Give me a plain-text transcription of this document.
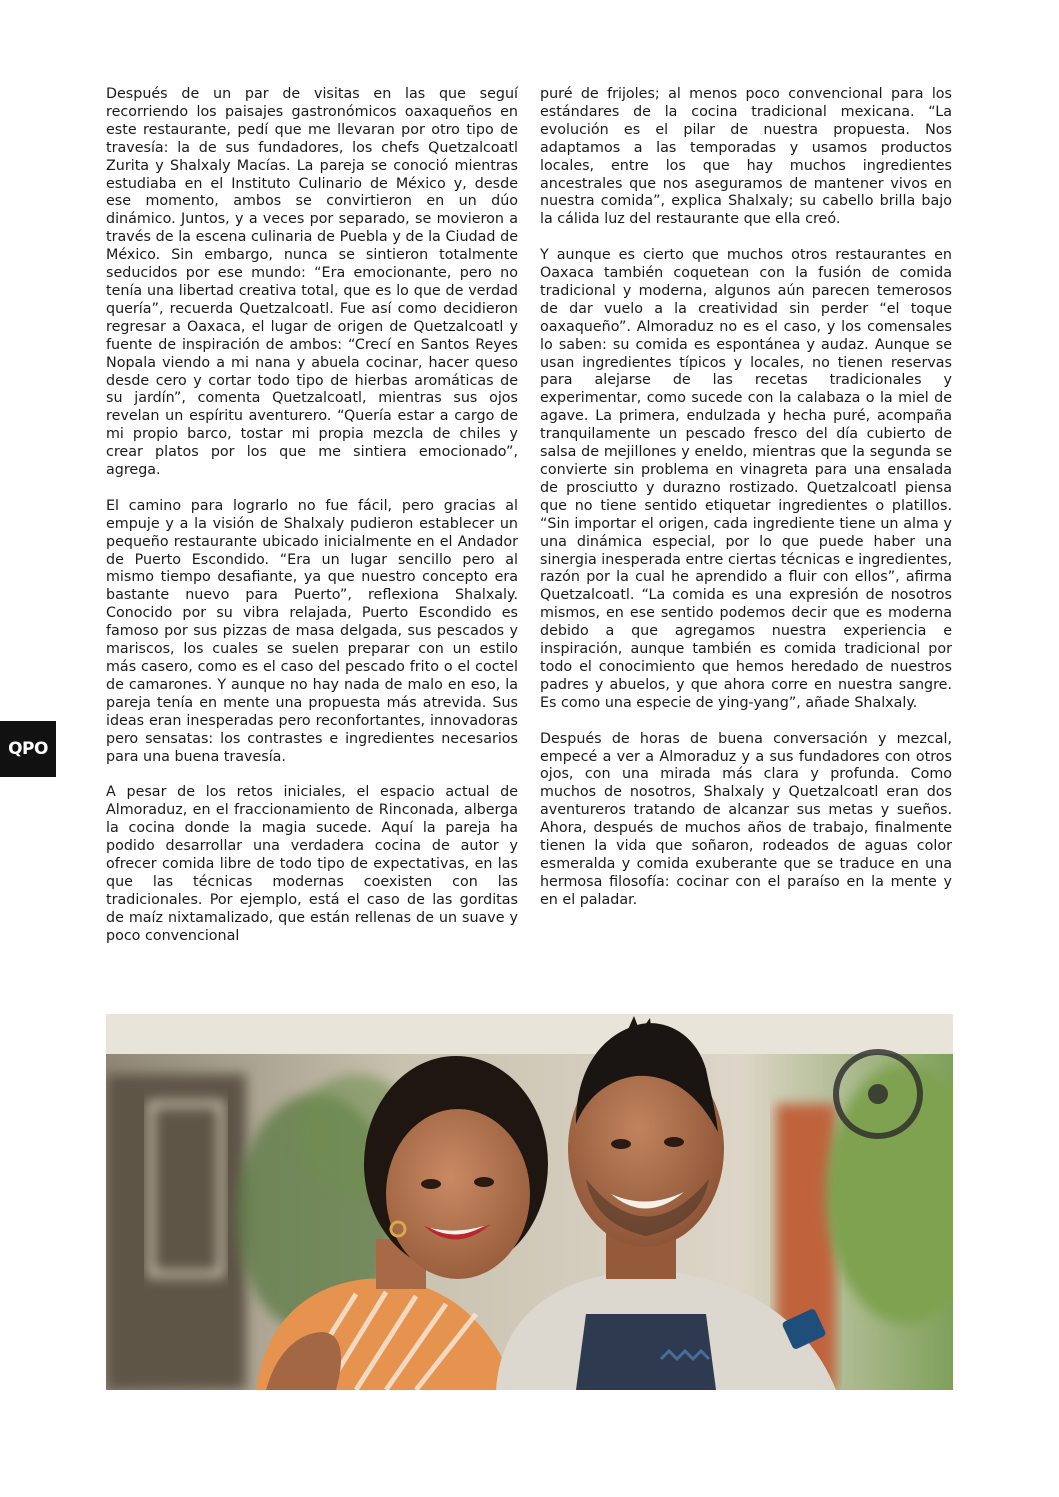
QPO

Después de un par de visitas en las que seguí recorriendo los paisajes gastronómicos oaxaqueños en este restaurante, pedí que me llevaran por otro tipo de travesía: la de sus fundadores, los chefs Quetzalcoatl Zurita y Shalxaly Macías. La pareja se conoció mientras estudiaba en el Instituto Culinario de México y, desde ese momento, ambos se convirtieron en un dúo dinámico. Juntos, y a veces por separado, se movieron a través de la escena culinaria de Puebla y de la Ciudad de México. Sin embargo, nunca se sintieron totalmente seducidos por ese mundo: “Era emocionante, pero no tenía una libertad creativa total, que es lo que de verdad quería”, recuerda Quetzalcoatl. Fue así como decidieron regresar a Oaxaca, el lugar de origen de Quetzalcoatl y fuente de inspiración de ambos: “Crecí en Santos Reyes Nopala viendo a mi nana y abuela cocinar, hacer queso desde cero y cortar todo tipo de hierbas aromáticas de su jardín”, comenta Quetzalcoatl, mientras sus ojos revelan un espíritu aventurero. “Quería estar a cargo de mi propio barco, tostar mi propia mezcla de chiles y crear platos por los que me sintiera emocionado”, agrega.

El camino para lograrlo no fue fácil, pero gracias al empuje y a la visión de Shalxaly pudieron establecer un pequeño restaurante ubicado inicialmente en el Andador de Puerto Escondido. “Era un lugar sencillo pero al mismo tiempo desafiante, ya que nuestro concepto era bastante nuevo para Puerto”, reflexiona Shalxaly. Conocido por su vibra relajada, Puerto Escondido es famoso por sus pizzas de masa delgada, sus pescados y mariscos, los cuales se suelen preparar con un estilo más casero, como es el caso del pescado frito o el coctel de camarones. Y aunque no hay nada de malo en eso, la pareja tenía en mente una propuesta más atrevida. Sus ideas eran inesperadas pero reconfortantes, innovadoras pero sensatas: los contrastes e ingredientes necesarios para una buena travesía.

A pesar de los retos iniciales, el espacio actual de Almoraduz, en el fraccionamiento de Rinconada, alberga la cocina donde la magia sucede. Aquí la pareja ha podido desarrollar una verdadera cocina de autor y ofrecer comida libre de todo tipo de expectativas, en las que las técnicas modernas coexisten con las tradicionales. Por ejemplo, está el caso de las gorditas de maíz nixtamalizado, que están rellenas de un suave y poco convencional

puré de frijoles; al menos poco convencional para los estándares de la cocina tradicional mexicana. “La evolución es el pilar de nuestra propuesta. Nos adaptamos a las temporadas y usamos productos locales, entre los que hay muchos ingredientes ancestrales que nos aseguramos de mantener vivos en nuestra comida”, explica Shalxaly; su cabello brilla bajo la cálida luz del restaurante que ella creó.

Y aunque es cierto que muchos otros restaurantes en Oaxaca también coquetean con la fusión de comida tradicional y moderna, algunos aún parecen temerosos de dar vuelo a la creatividad sin perder “el toque oaxaqueño”. Almoraduz no es el caso, y los comensales lo saben: su comida es espontánea y audaz. Aunque se usan ingredientes típicos y locales, no tienen reservas para alejarse de las recetas tradicionales y experimentar, como sucede con la calabaza o la miel de agave. La primera, endulzada y hecha puré, acompaña tranquilamente un pescado fresco del día cubierto de salsa de mejillones y eneldo, mientras que la segunda se convierte sin problema en vinagreta para una ensalada de prosciutto y durazno rostizado. Quetzalcoatl piensa que no tiene sentido etiquetar ingredientes o platillos. “Sin importar el origen, cada ingrediente tiene un alma y una dinámica especial, por lo que puede haber una sinergia inesperada entre ciertas técnicas e ingredientes, razón por la cual he aprendido a fluir con ellos”, afirma Quetzalcoatl. “La comida es una expresión de nosotros mismos, en ese sentido podemos decir que es moderna debido a que agregamos nuestra experiencia e inspiración, aunque también es comida tradicional por todo el conocimiento que hemos heredado de nuestros padres y abuelos, y que ahora corre en nuestra sangre. Es como una especie de ying-yang”, añade Shalxaly.

Después de horas de buena conversación y mezcal, empecé a ver a Almoraduz y a sus fundadores con otros ojos, con una mirada más clara y profunda. Como muchos de nosotros, Shalxaly y Quetzalcoatl eran dos aventureros tratando de alcanzar sus metas y sueños. Ahora, después de muchos años de trabajo, finalmente tienen la vida que soñaron, rodeados de aguas color esmeralda y comida exuberante que se traduce en una hermosa filosofía: cocinar con el paraíso en la mente y en el paladar.
